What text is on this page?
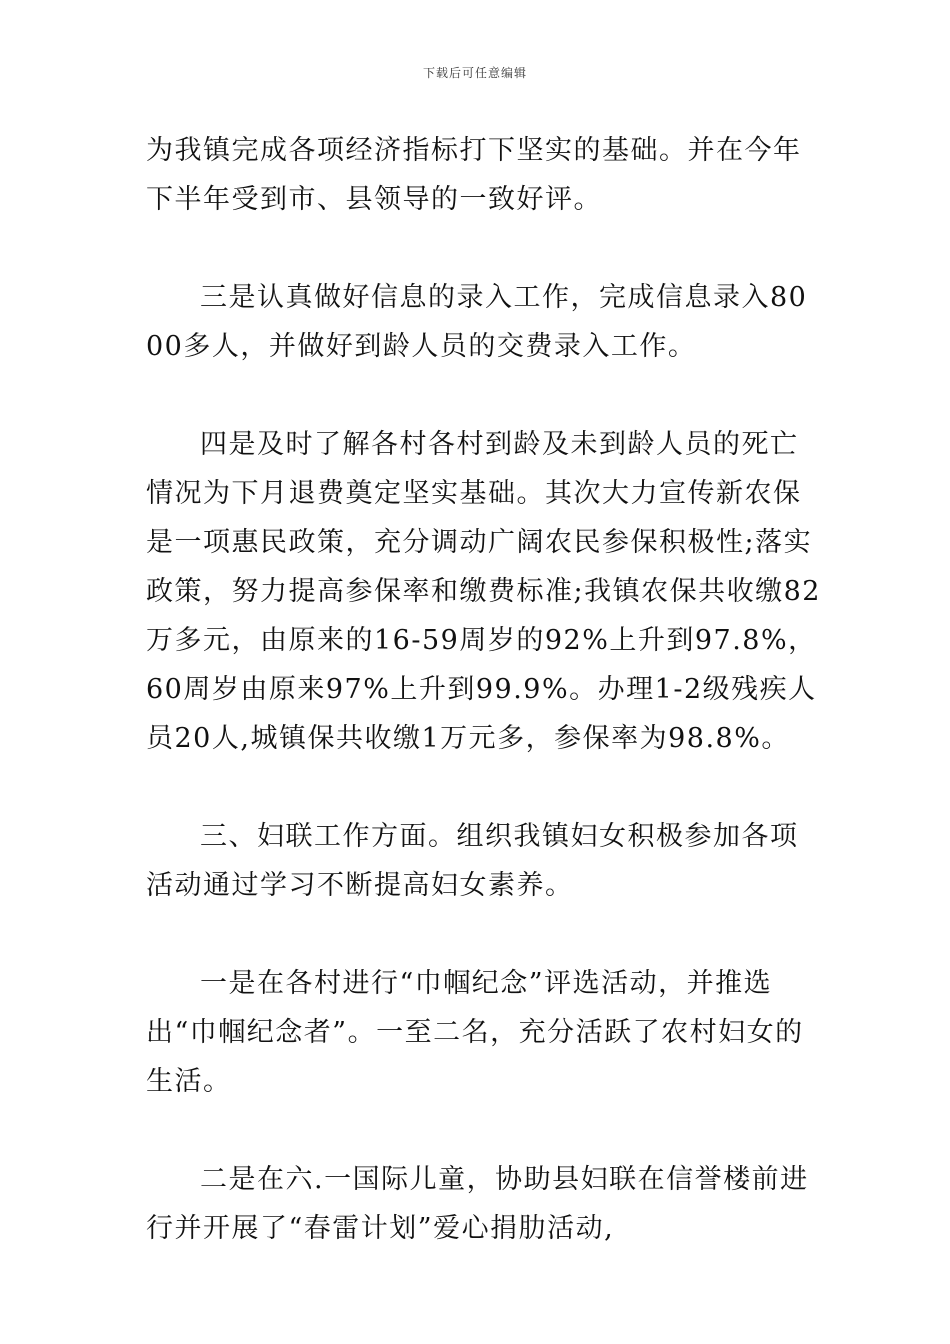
下载后可任意编辑

为我镇完成各项经济指标打下坚实的基础。并在今年下半年受到市、县领导的一致好评。

三是认真做好信息的录入工作，完成信息录入8000多人，并做好到龄人员的交费录入工作。

四是及时了解各村各村到龄及未到龄人员的死亡情况为下月退费奠定坚实基础。其次大力宣传新农保是一项惠民政策，充分调动广阔农民参保积极性;落实政策，努力提高参保率和缴费标准;我镇农保共收缴82万多元，由原来的16-59周岁的92%上升到97.8%，60周岁由原来97%上升到99.9%。办理1-2级残疾人员20人,城镇保共收缴1万元多，参保率为98.8%。

三、妇联工作方面。组织我镇妇女积极参加各项活动通过学习不断提高妇女素养。

一是在各村进行“巾帼纪念”评选活动，并推选出“巾帼纪念者”。一至二名，充分活跃了农村妇女的生活。

二是在六.一国际儿童，协助县妇联在信誉楼前进行并开展了“春雷计划”爱心捐肋活动,
